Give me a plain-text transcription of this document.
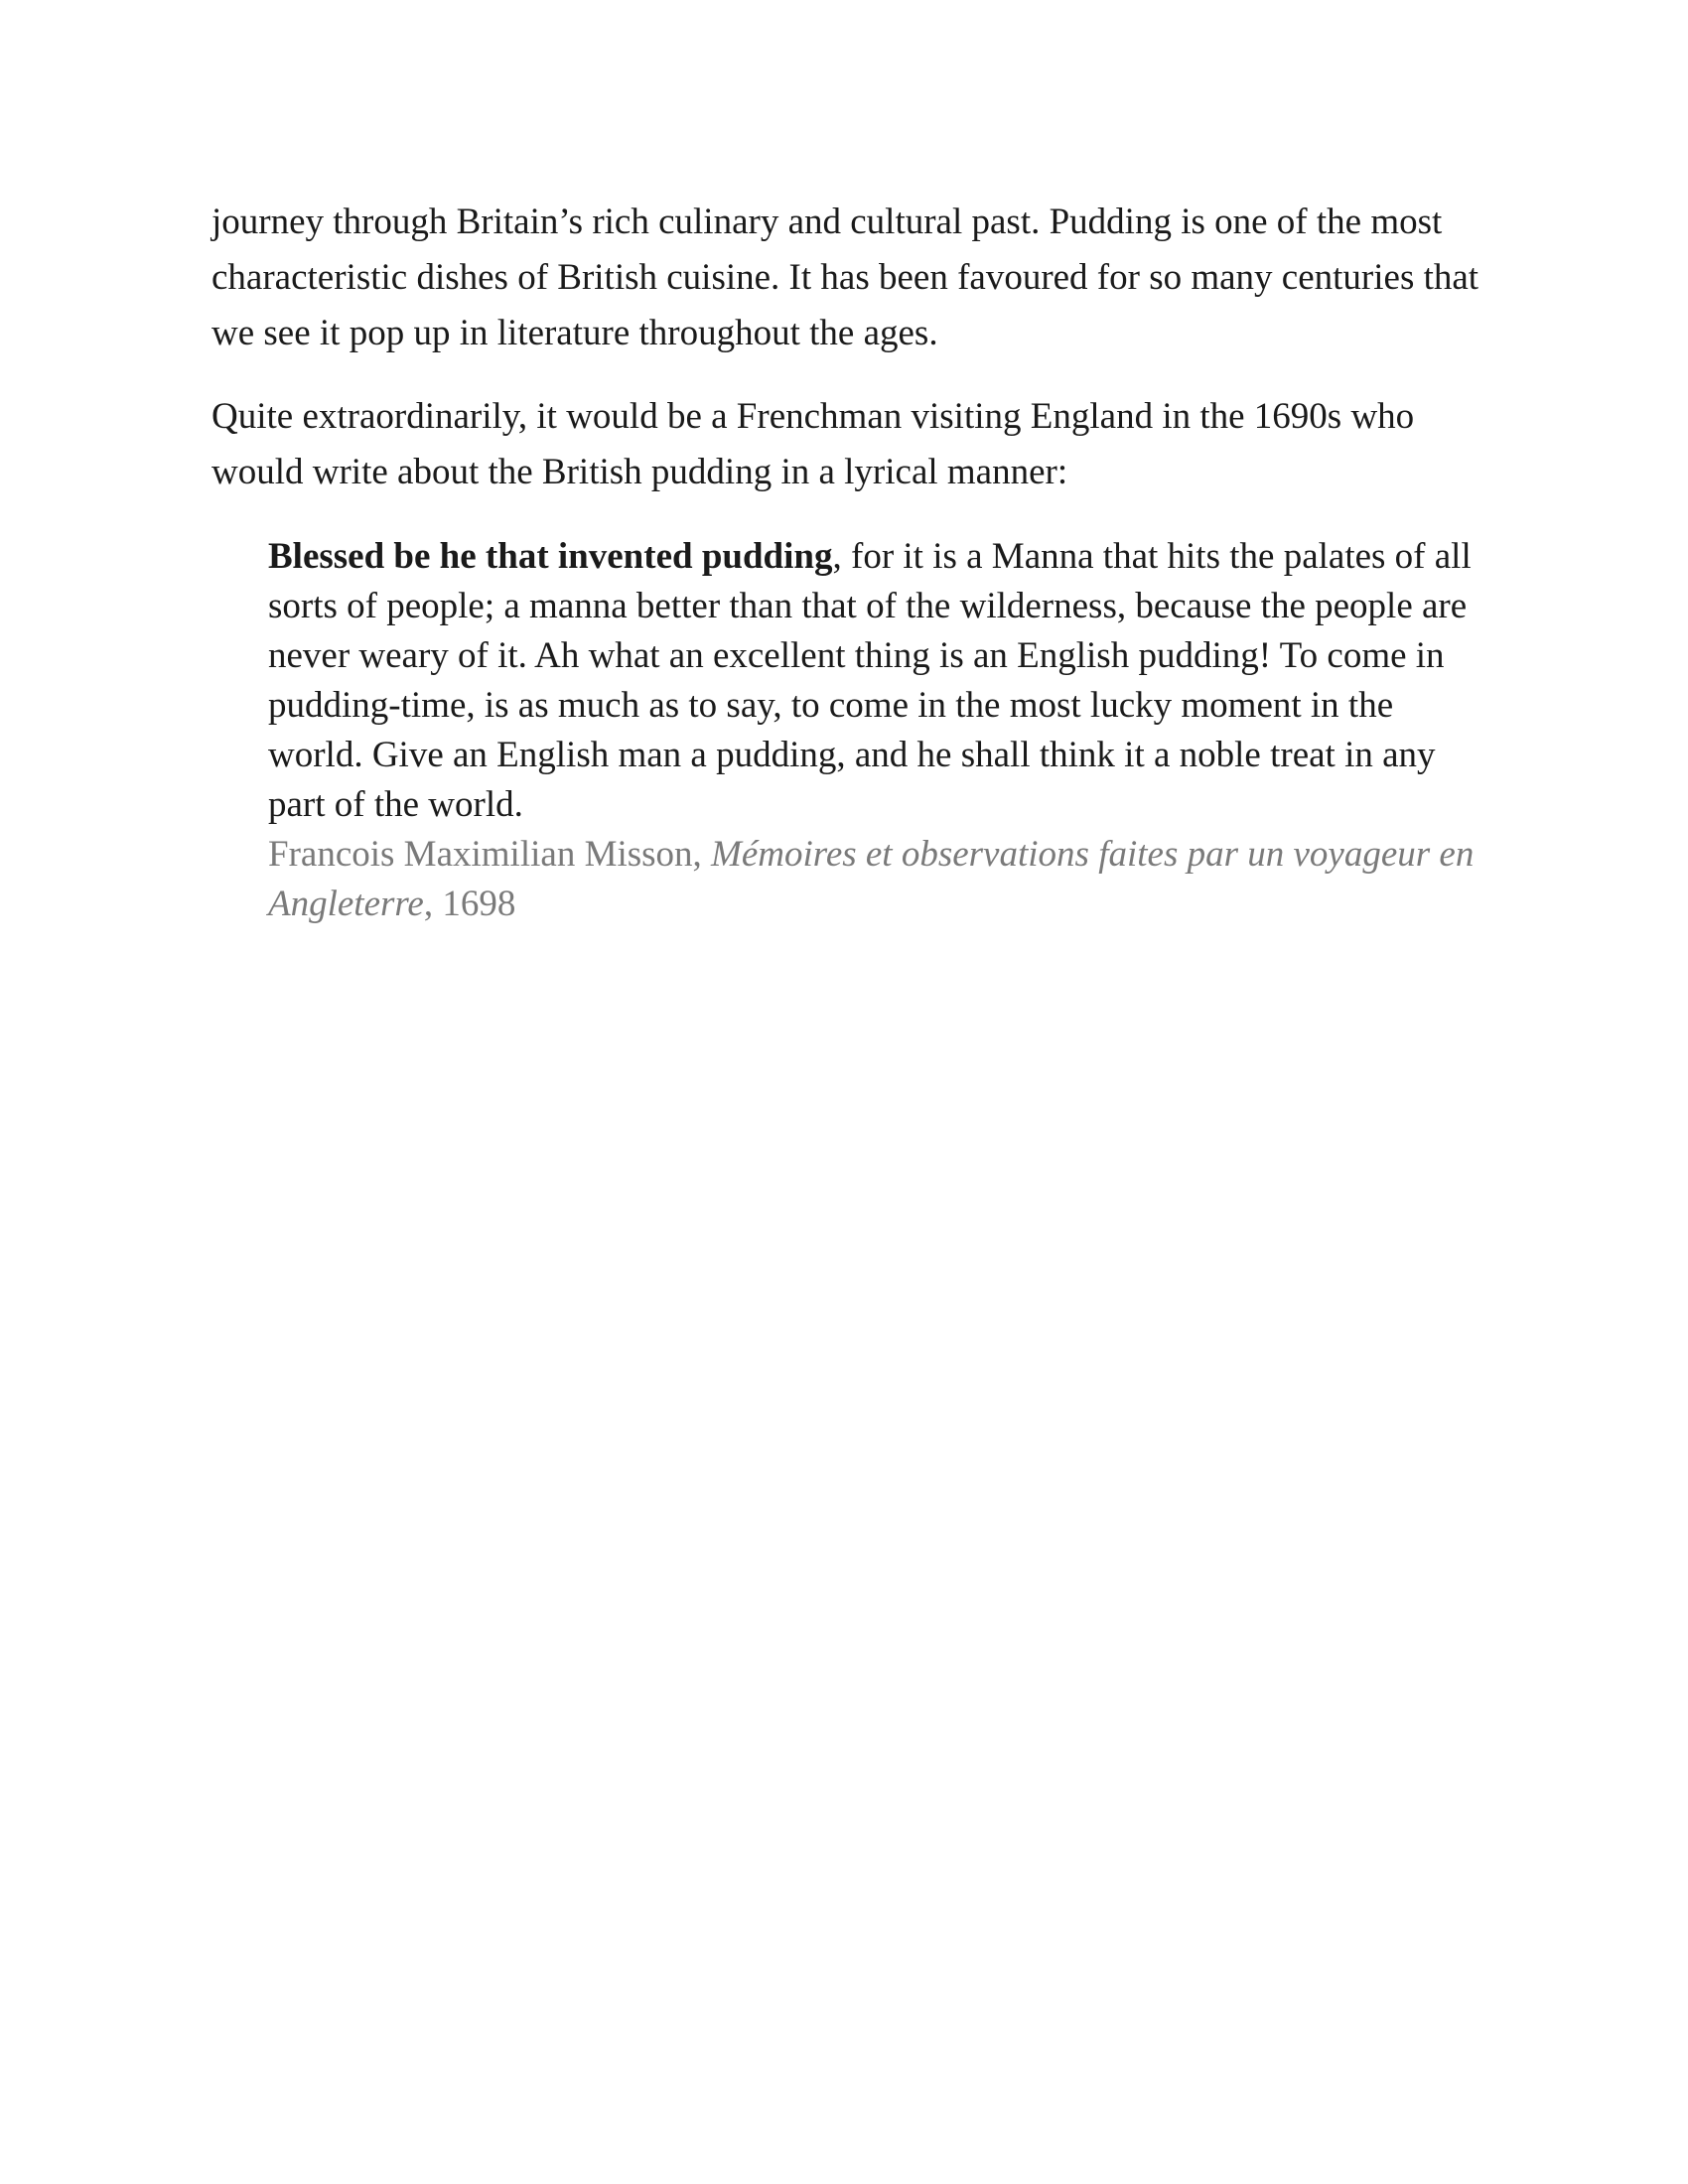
journey through Britain’s rich culinary and cultural past. Pudding is one of the most characteristic dishes of British cuisine. It has been favoured for so many centuries that we see it pop up in literature throughout the ages.

Quite extraordinarily, it would be a Frenchman visiting England in the 1690s who would write about the British pudding in a lyrical manner:

Blessed be he that invented pudding, for it is a Manna that hits the palates of all sorts of people; a manna better than that of the wilderness, because the people are never weary of it. Ah what an excellent thing is an English pudding! To come in pudding-time, is as much as to say, to come in the most lucky moment in the world. Give an English man a pudding, and he shall think it a noble treat in any part of the world.

Francois Maximilian Misson, Mémoires et observations faites par un voyageur en Angleterre, 1698
